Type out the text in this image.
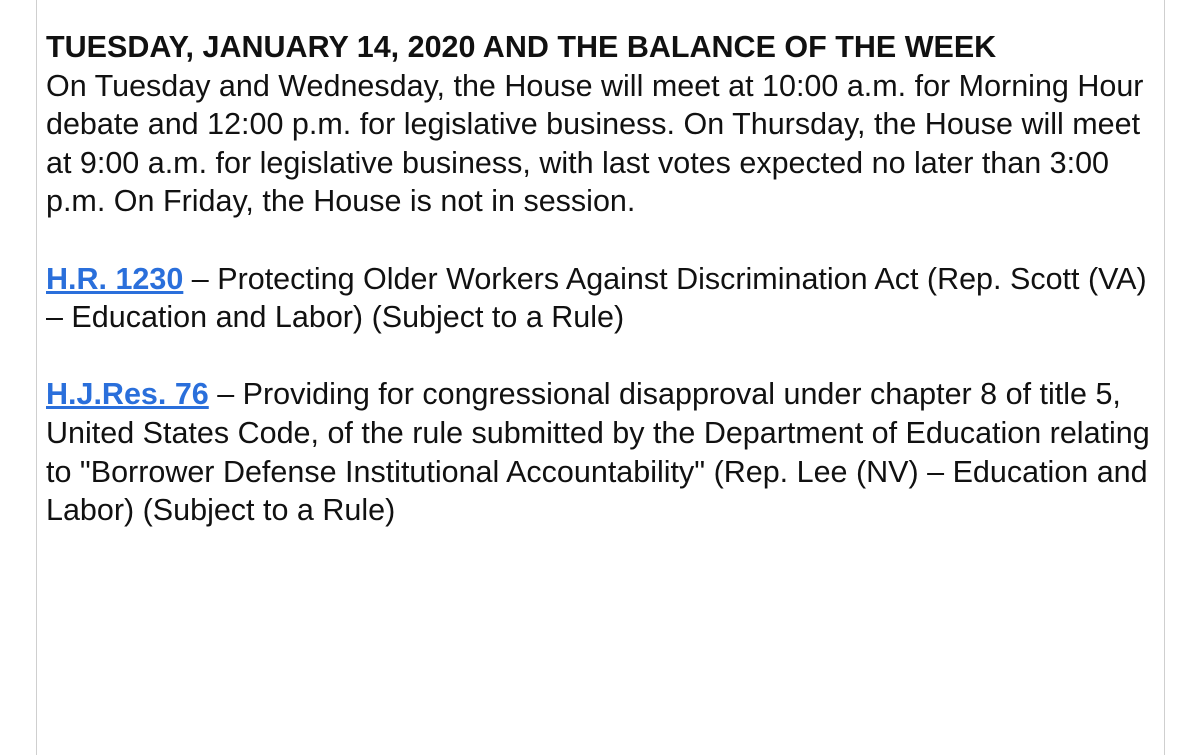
TUESDAY, JANUARY 14, 2020 AND THE BALANCE OF THE WEEK

On Tuesday and Wednesday, the House will meet at 10:00 a.m. for Morning Hour debate and 12:00 p.m. for legislative business. On Thursday, the House will meet at 9:00 a.m. for legislative business, with last votes expected no later than 3:00 p.m. On Friday, the House is not in session.

H.R. 1230 – Protecting Older Workers Against Discrimination Act (Rep. Scott (VA) – Education and Labor) (Subject to a Rule)

H.J.Res. 76 – Providing for congressional disapproval under chapter 8 of title 5, United States Code, of the rule submitted by the Department of Education relating to "Borrower Defense Institutional Accountability" (Rep. Lee (NV) – Education and Labor) (Subject to a Rule)
